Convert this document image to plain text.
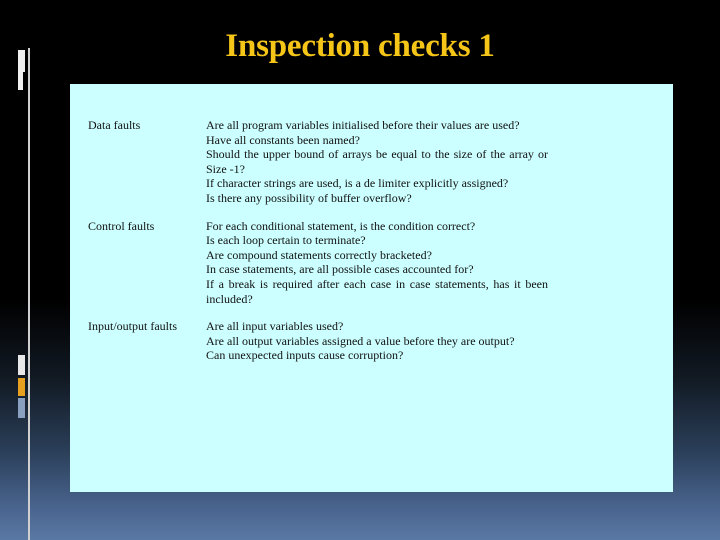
Inspection checks 1
Data faults	Are all program variables initialised before their values are used?
Have all constants been named?
Should the upper bound of arrays be equal to the size of the array or Size -1?
If character strings are used, is a de limiter explicitly assigned?
Is there any possibility of buffer overflow?
Control faults	For each conditional statement, is the condition correct?
Is each loop certain to terminate?
Are compound statements correctly bracketed?
In case statements, are all possible cases accounted for?
If a break is required after each case in case statements, has it been included?
Input/output faults	Are all input variables used?
Are all output variables assigned a value before they are output?
Can unexpected inputs cause corruption?
